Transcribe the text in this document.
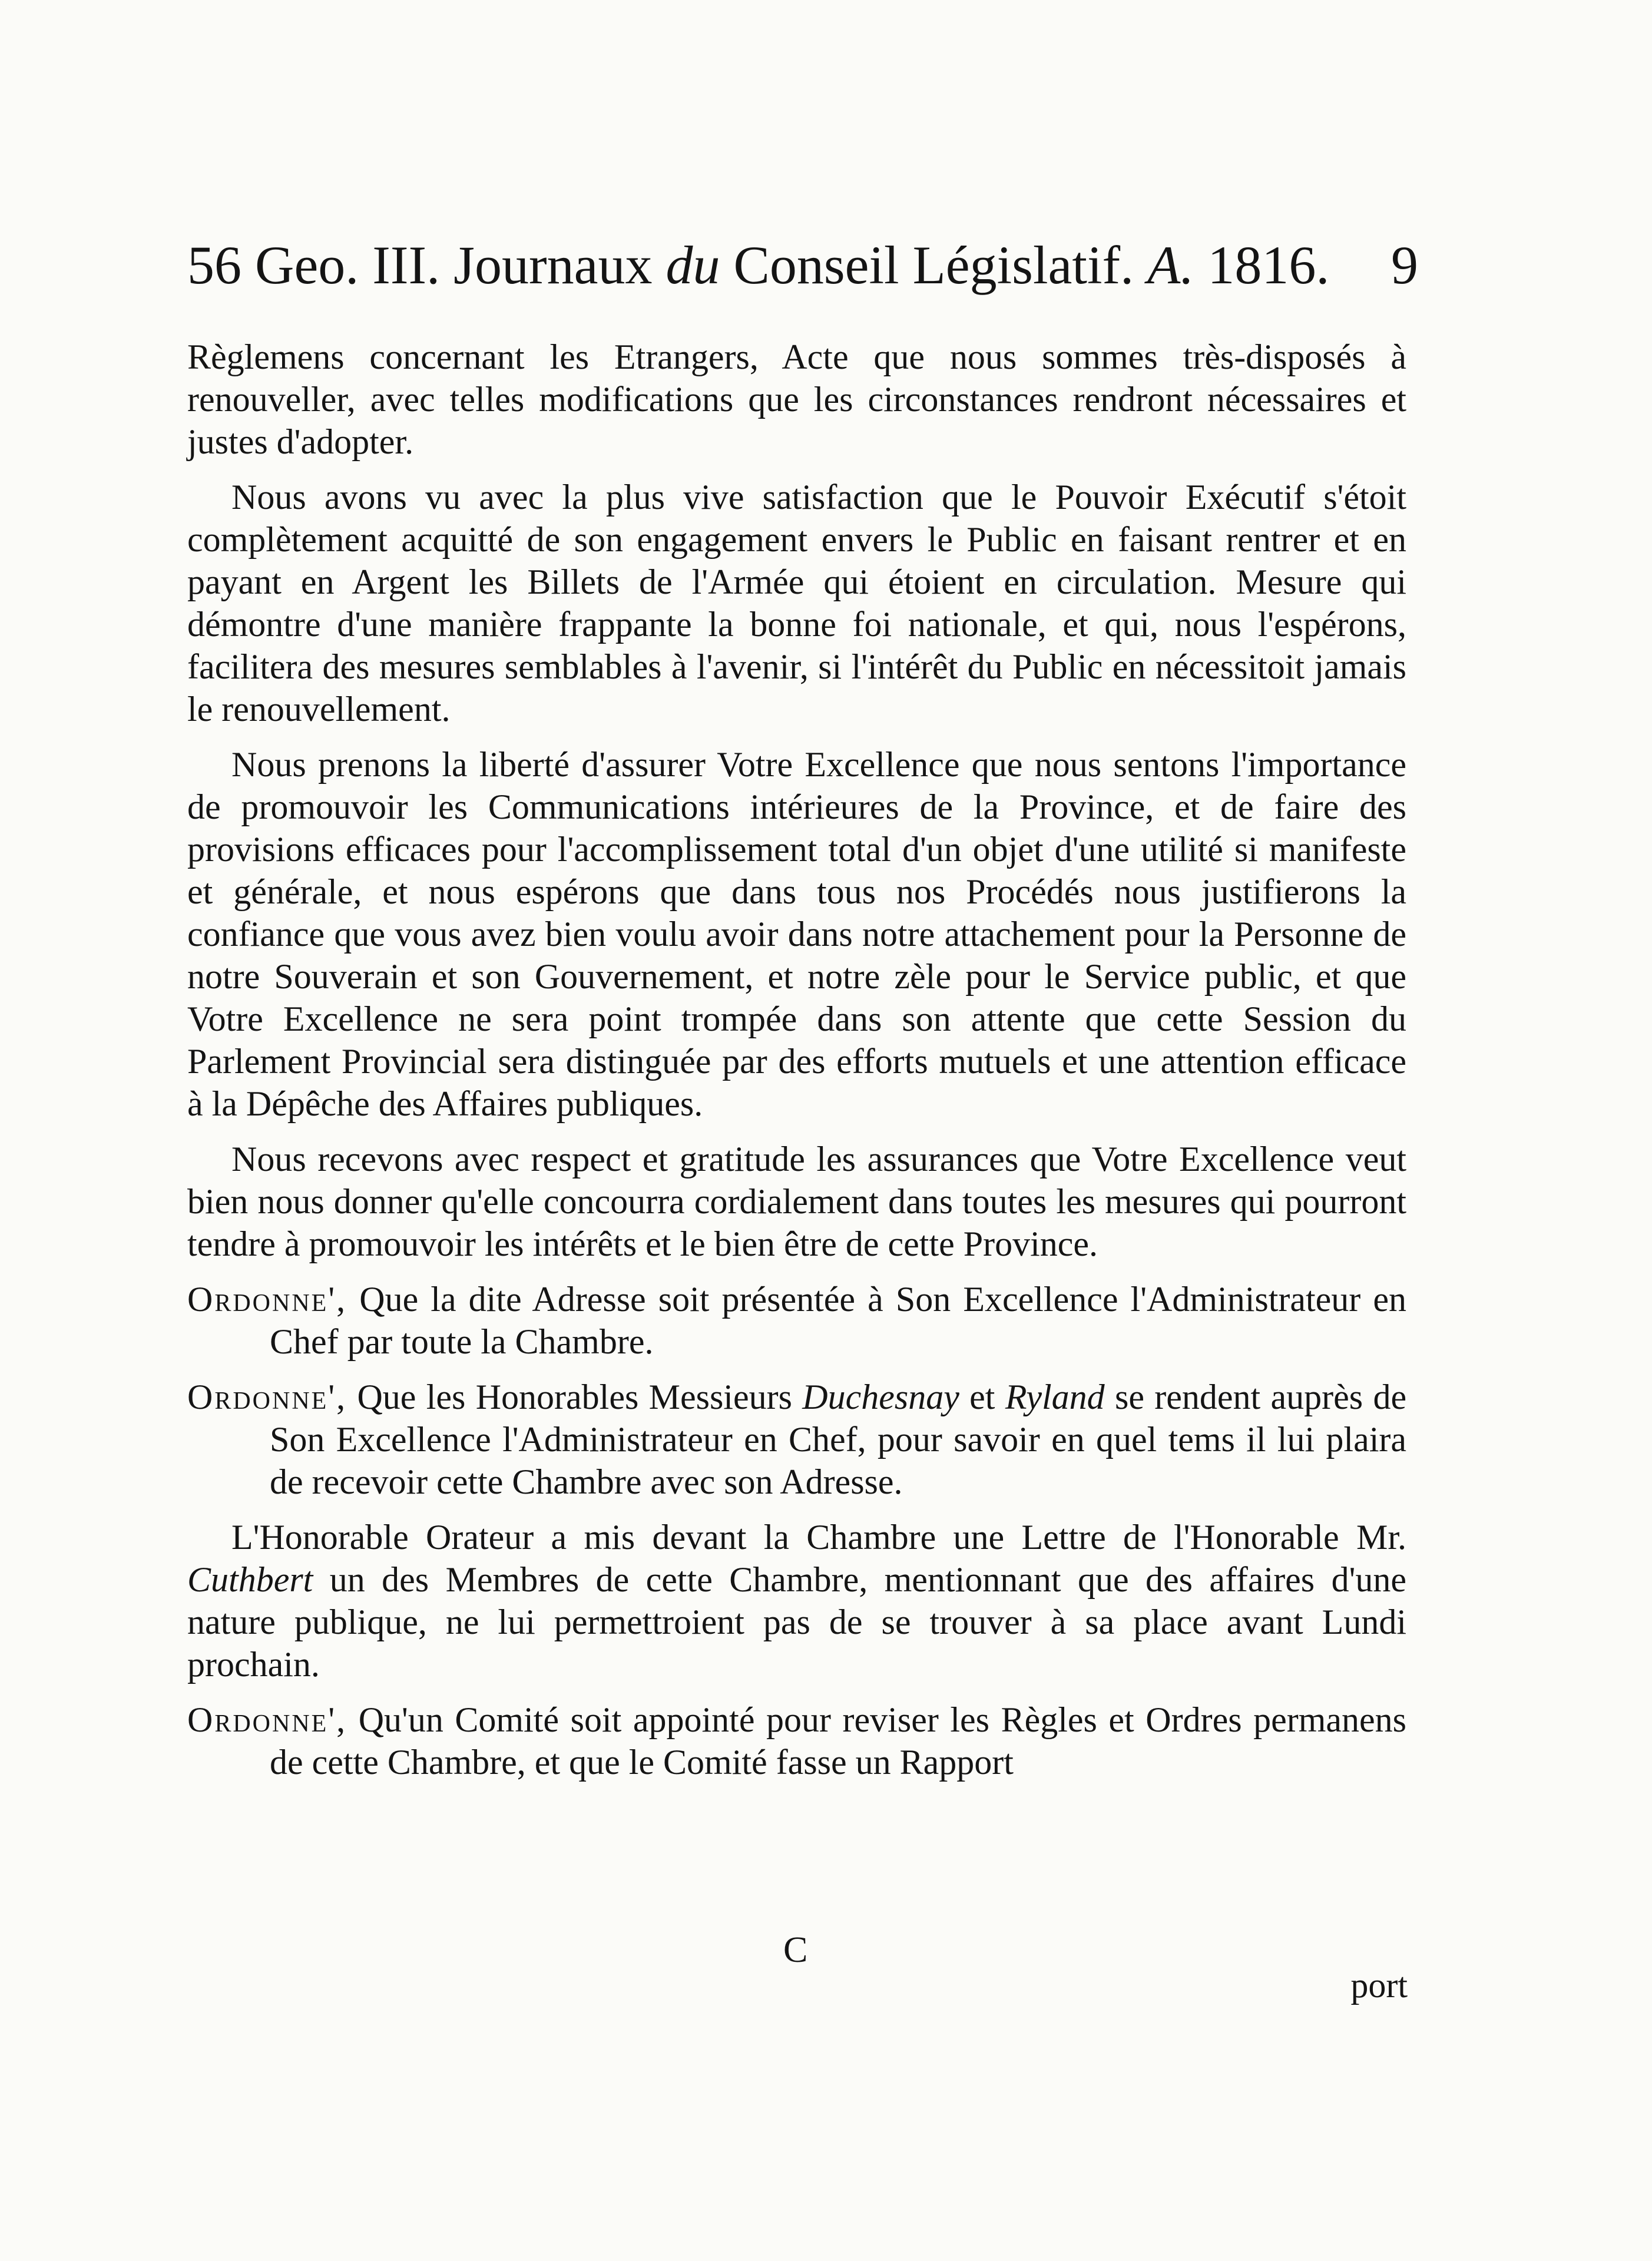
56 Geo. III. Journaux du Conseil Législatif. A. 1816. 9

Règlemens concernant les Etrangers, Acte que nous sommes très-disposés à renouveller, avec telles modifications que les circonstances rendront nécessaires et justes d'adopter.

Nous avons vu avec la plus vive satisfaction que le Pouvoir Exécutif s'étoit complètement acquitté de son engagement envers le Public en faisant rentrer et en payant en Argent les Billets de l'Armée qui étoient en circulation. Mesure qui démontre d'une manière frappante la bonne foi nationale, et qui, nous l'espérons, facilitera des mesures semblables à l'avenir, si l'intérêt du Public en nécessitoit jamais le renouvellement.

Nous prenons la liberté d'assurer Votre Excellence que nous sentons l'importance de promouvoir les Communications intérieures de la Province, et de faire des provisions efficaces pour l'accomplissement total d'un objet d'une utilité si manifeste et générale, et nous espérons que dans tous nos Procédés nous justifierons la confiance que vous avez bien voulu avoir dans notre attachement pour la Personne de notre Souverain et son Gouvernement, et notre zèle pour le Service public, et que Votre Excellence ne sera point trompée dans son attente que cette Session du Parlement Provincial sera distinguée par des efforts mutuels et une attention efficace à la Dépêche des Affaires publiques.

Nous recevons avec respect et gratitude les assurances que Votre Excellence veut bien nous donner qu'elle concourra cordialement dans toutes les mesures qui pourront tendre à promouvoir les intérêts et le bien être de cette Province.

Ordonne', Que la dite Adresse soit présentée à Son Excellence l'Administrateur en Chef par toute la Chambre.

Ordonne', Que les Honorables Messieurs Duchesnay et Ryland se rendent auprès de Son Excellence l'Administrateur en Chef, pour savoir en quel tems il lui plaira de recevoir cette Chambre avec son Adresse.

L'Honorable Orateur a mis devant la Chambre une Lettre de l'Honorable Mr. Cuthbert un des Membres de cette Chambre, mentionnant que des affaires d'une nature publique, ne lui permettroient pas de se trouver à sa place avant Lundi prochain.

Ordonne', Qu'un Comité soit appointé pour reviser les Règles et Ordres permanens de cette Chambre, et que le Comité fasse un Rapport

C
port
